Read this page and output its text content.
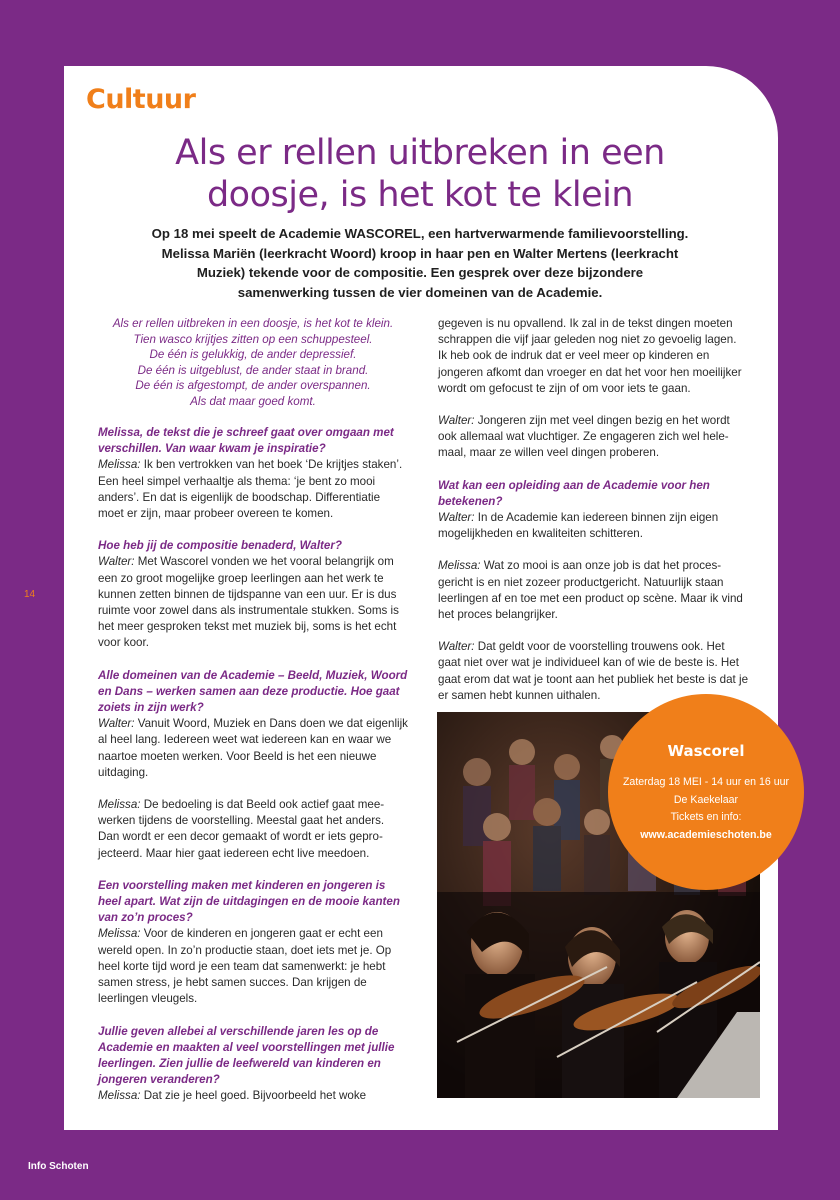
Cultuur
Als er rellen uitbreken in een doosje, is het kot te klein
Op 18 mei speelt de Academie WASCOREL, een hartverwarmende familievoorstelling. Melissa Mariën (leerkracht Woord) kroop in haar pen en Walter Mertens (leerkracht Muziek) tekende voor de compositie. Een gesprek over deze bijzondere samenwerking tussen de vier domeinen van de Academie.
Als er rellen uitbreken in een doosje, is het kot te klein.
Tien wasco krijtjes zitten op een schuppesteel.
De één is gelukkig, de ander depressief.
De één is uitgeblust, de ander staat in brand.
De één is afgestompt, de ander overspannen.
Als dat maar goed komt.
Melissa, de tekst die je schreef gaat over omgaan met verschillen. Van waar kwam je inspiratie?
Melissa: Ik ben vertrokken van het boek ‘De krijtjes staken’. Een heel simpel verhaaltje als thema: ‘je bent zo mooi anders’. En dat is eigenlijk de boodschap. Differentiatie moet er zijn, maar probeer overeen te komen.
Hoe heb jij de compositie benaderd, Walter?
Walter: Met Wascorel vonden we het vooral belangrijk om een zo groot mogelijke groep leerlingen aan het werk te kunnen zetten binnen de tijdspanne van een uur. Er is dus ruimte voor zowel dans als instrumentale stukken. Soms is het meer gesproken tekst met muziek bij, soms is het echt voor koor.
Alle domeinen van de Academie – Beeld, Muziek, Woord en Dans – werken samen aan deze productie. Hoe gaat zoiets in zijn werk?
Walter: Vanuit Woord, Muziek en Dans doen we dat eigenlijk al heel lang. Iedereen weet wat iedereen kan en waar we naartoe moeten werken. Voor Beeld is het een nieuwe uitdaging.
Melissa: De bedoeling is dat Beeld ook actief gaat meewerken tijdens de voorstelling. Meestal gaat het anders. Dan wordt er een decor gemaakt of wordt er iets geprojecteerd. Maar hier gaat iedereen echt live meedoen.
Een voorstelling maken met kinderen en jongeren is heel apart. Wat zijn de uitdagingen en de mooie kanten van zo’n proces?
Melissa: Voor de kinderen en jongeren gaat er echt een wereld open. In zo’n productie staan, doet iets met je. Op heel korte tijd word je een team dat samenwerkt: je hebt samen stress, je hebt samen succes. Dan krijgen de leerlingen vleugels.
Jullie geven allebei al verschillende jaren les op de Academie en maakten al veel voorstellingen met jullie leerlingen. Zien jullie de leefwereld van kinderen en jongeren veranderen?
Melissa: Dat zie je heel goed. Bijvoorbeeld het woke
gegeven is nu opvallend. Ik zal in de tekst dingen moeten schrappen die vijf jaar geleden nog niet zo gevoelig lagen. Ik heb ook de indruk dat er veel meer op kinderen en jongeren afkomt dan vroeger en dat het voor hen moeilijker wordt om gefocust te zijn of om voor iets te gaan.
Walter: Jongeren zijn met veel dingen bezig en het wordt ook allemaal wat vluchtiger. Ze engageren zich wel helemaal, maar ze willen veel dingen proberen.
Wat kan een opleiding aan de Academie voor hen betekenen?
Walter: In de Academie kan iedereen binnen zijn eigen mogelijkheden en kwaliteiten schitteren.
Melissa: Wat zo mooi is aan onze job is dat het procesgericht is en niet zozeer productgericht. Natuurlijk staan leerlingen af en toe met een product op scène. Maar ik vind het proces belangrijker.
Walter: Dat geldt voor de voorstelling trouwens ook. Het gaat niet over wat je individueel kan of wie de beste is. Het gaat erom dat wat je toont aan het publiek het beste is dat je er samen hebt kunnen uithalen.
Wascorel
Zaterdag 18 MEI - 14 uur en 16 uur
De Kaekelaar
Tickets en info:
www.academieschoten.be
14
Info Schoten
